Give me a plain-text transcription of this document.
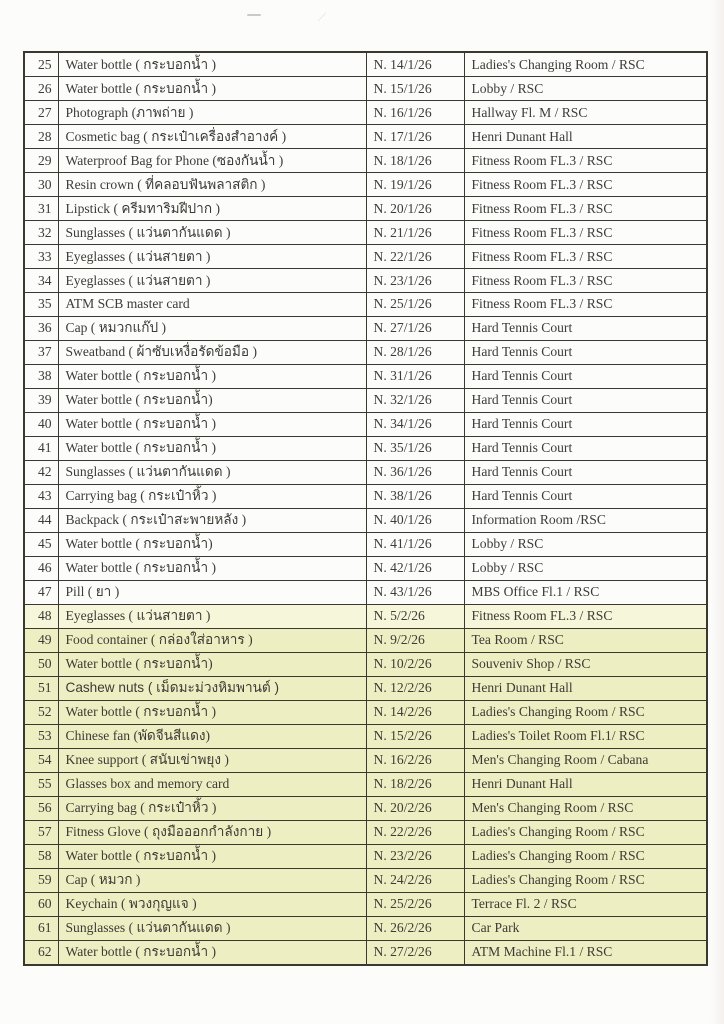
25	Water bottle ( กระบอกน้ำ )	N. 14/1/26	Ladies's Changing Room / RSC
26	Water bottle ( กระบอกน้ำ )	N. 15/1/26	Lobby / RSC
27	Photograph (ภาพถ่าย )	N. 16/1/26	Hallway Fl. M / RSC
28	Cosmetic bag ( กระเป๋าเครื่องสำอางค์ )	N. 17/1/26	Henri Dunant Hall
29	Waterproof Bag for Phone (ซองกันน้ำ )	N. 18/1/26	Fitness Room FL.3 / RSC
30	Resin crown ( ที่คลอบฟันพลาสติก )	N. 19/1/26	Fitness Room FL.3 / RSC
31	Lipstick ( ครีมทาริมฝีปาก )	N. 20/1/26	Fitness Room FL.3 / RSC
32	Sunglasses ( แว่นตากันแดด )	N. 21/1/26	Fitness Room FL.3 / RSC
33	Eyeglasses ( แว่นสายตา )	N. 22/1/26	Fitness Room FL.3 / RSC
34	Eyeglasses ( แว่นสายตา )	N. 23/1/26	Fitness Room FL.3 / RSC
35	ATM SCB master card	N. 25/1/26	Fitness Room FL.3 / RSC
36	Cap ( หมวกแก๊ป )	N. 27/1/26	Hard Tennis Court
37	Sweatband ( ผ้าซับเหงื่อรัดข้อมือ )	N. 28/1/26	Hard Tennis Court
38	Water bottle ( กระบอกน้ำ )	N. 31/1/26	Hard Tennis Court
39	Water bottle ( กระบอกน้ำ)	N. 32/1/26	Hard Tennis Court
40	Water bottle ( กระบอกน้ำ )	N. 34/1/26	Hard Tennis Court
41	Water bottle ( กระบอกน้ำ )	N. 35/1/26	Hard Tennis Court
42	Sunglasses ( แว่นตากันแดด )	N. 36/1/26	Hard Tennis Court
43	Carrying bag ( กระเป๋าหิ้ว )	N. 38/1/26	Hard Tennis Court
44	Backpack ( กระเป๋าสะพายหลัง )	N. 40/1/26	Information Room /RSC
45	Water bottle ( กระบอกน้ำ)	N. 41/1/26	Lobby / RSC
46	Water bottle ( กระบอกน้ำ )	N. 42/1/26	Lobby / RSC
47	Pill ( ยา )	N. 43/1/26	MBS Office Fl.1 / RSC
48	Eyeglasses ( แว่นสายตา )	N. 5/2/26	Fitness Room FL.3 / RSC
49	Food container ( กล่องใส่อาหาร )	N. 9/2/26	Tea Room / RSC
50	Water bottle ( กระบอกน้ำ)	N. 10/2/26	Souveniv Shop / RSC
51	Cashew nuts ( เม็ดมะม่วงหิมพานต์ )	N. 12/2/26	Henri Dunant Hall
52	Water bottle ( กระบอกน้ำ )	N. 14/2/26	Ladies's Changing Room / RSC
53	Chinese fan (พัดจีนสีแดง)	N. 15/2/26	Ladies's Toilet Room Fl.1/ RSC
54	Knee support ( สนับเข่าพยุง )	N. 16/2/26	Men's Changing Room / Cabana
55	Glasses box and memory card	N. 18/2/26	Henri Dunant Hall
56	Carrying bag ( กระเป๋าหิ้ว )	N. 20/2/26	Men's Changing Room / RSC
57	Fitness Glove ( ถุงมือออกกำลังกาย )	N. 22/2/26	Ladies's Changing Room / RSC
58	Water bottle ( กระบอกน้ำ )	N. 23/2/26	Ladies's Changing Room / RSC
59	Cap ( หมวก )	N. 24/2/26	Ladies's Changing Room / RSC
60	Keychain ( พวงกุญแจ )	N. 25/2/26	Terrace Fl. 2 / RSC
61	Sunglasses ( แว่นตากันแดด )	N. 26/2/26	Car Park
62	Water bottle ( กระบอกน้ำ )	N. 27/2/26	ATM Machine Fl.1 / RSC
